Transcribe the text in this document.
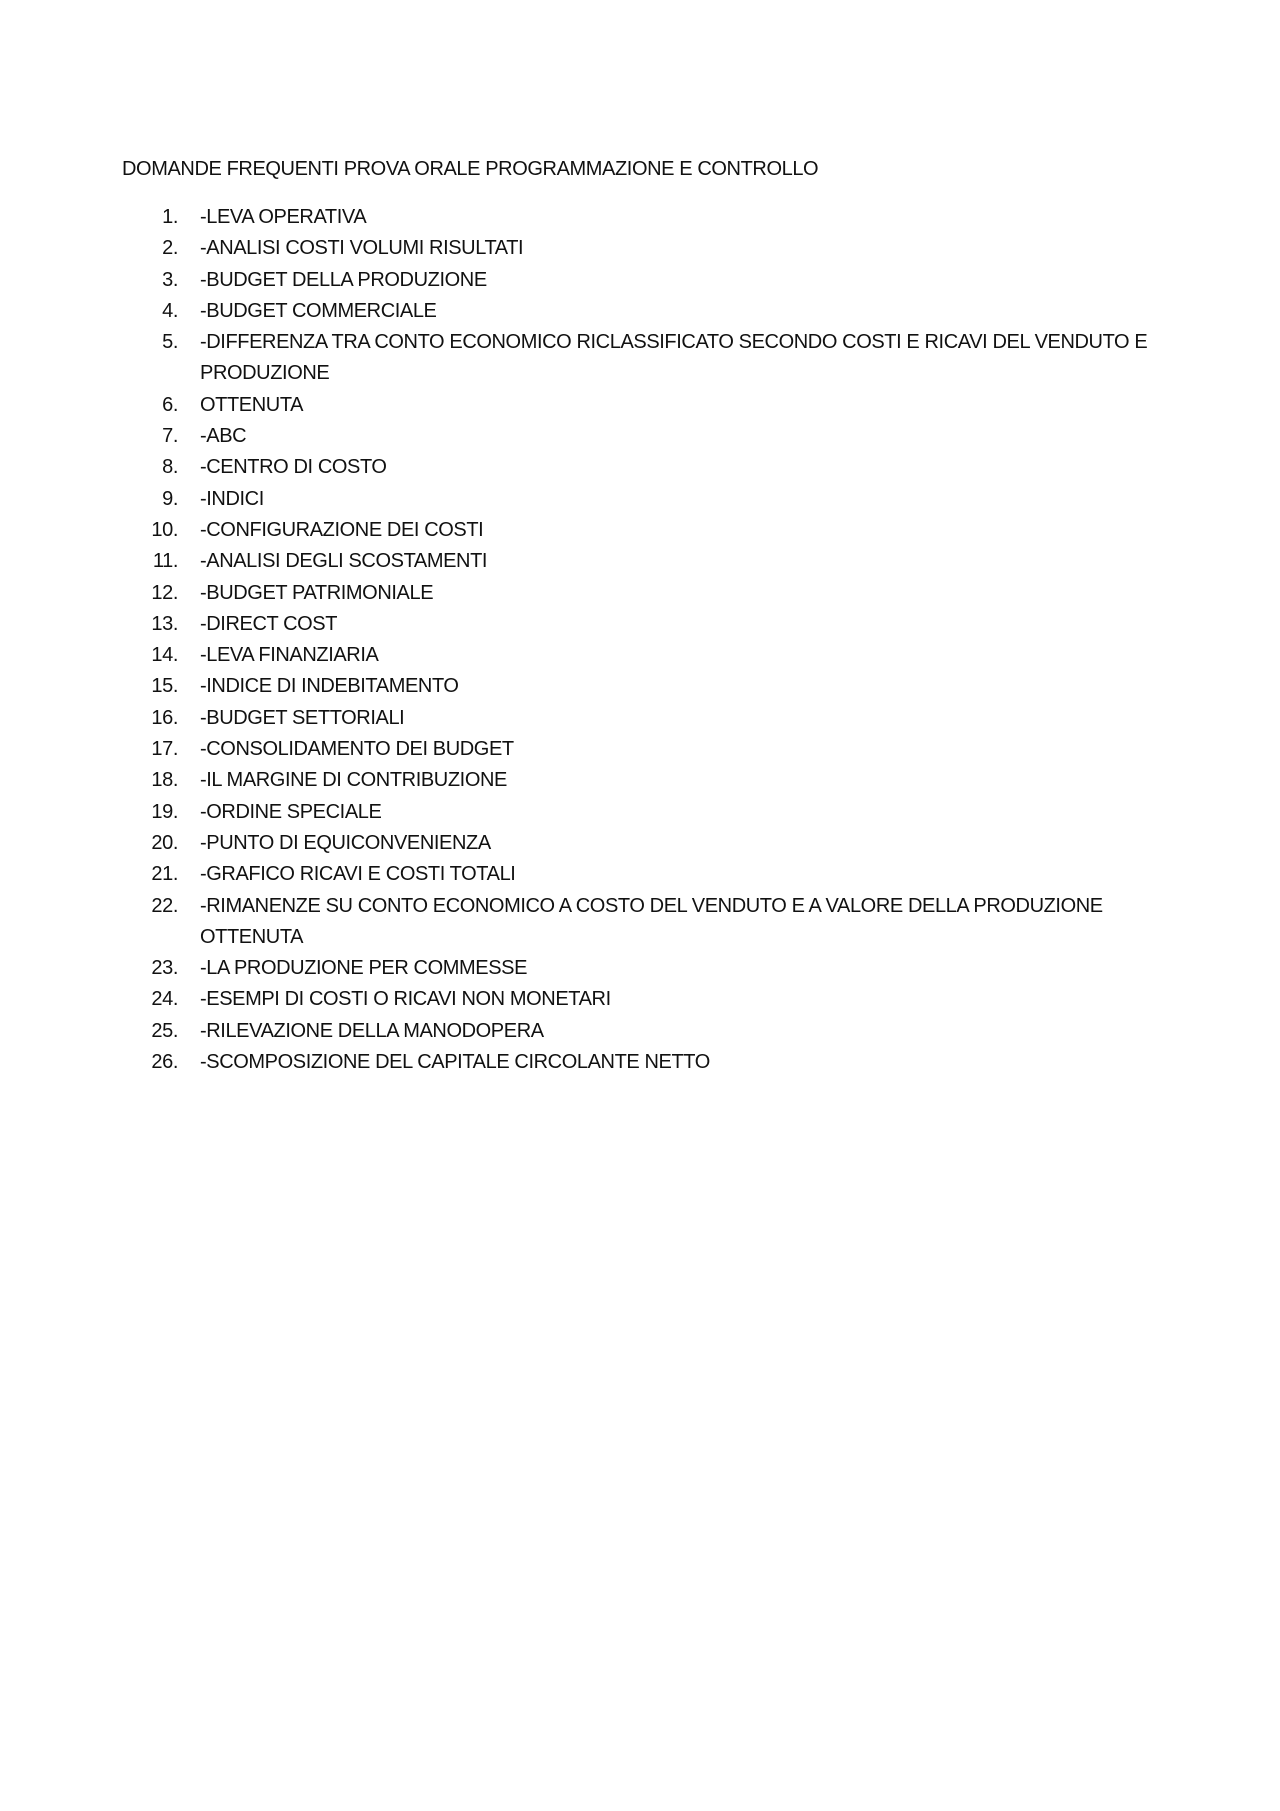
DOMANDE FREQUENTI PROVA ORALE PROGRAMMAZIONE E CONTROLLO
1.	-LEVA OPERATIVA
2.	-ANALISI COSTI VOLUMI RISULTATI
3.	-BUDGET DELLA PRODUZIONE
4.	-BUDGET COMMERCIALE
5.	-DIFFERENZA TRA CONTO ECONOMICO RICLASSIFICATO SECONDO COSTI E RICAVI DEL VENDUTO E PRODUZIONE
6.	OTTENUTA
7.	-ABC
8.	-CENTRO DI COSTO
9.	-INDICI
10.	-CONFIGURAZIONE DEI COSTI
11.	-ANALISI DEGLI SCOSTAMENTI
12.	-BUDGET PATRIMONIALE
13.	-DIRECT COST
14.	-LEVA FINANZIARIA
15.	-INDICE DI INDEBITAMENTO
16.	-BUDGET SETTORIALI
17.	-CONSOLIDAMENTO DEI BUDGET
18.	-IL MARGINE DI CONTRIBUZIONE
19.	-ORDINE SPECIALE
20.	-PUNTO DI EQUICONVENIENZA
21.	-GRAFICO RICAVI E COSTI TOTALI
22.	-RIMANENZE SU CONTO ECONOMICO A COSTO DEL VENDUTO E A VALORE DELLA PRODUZIONE OTTENUTA
23.	-LA PRODUZIONE PER COMMESSE
24.	-ESEMPI DI COSTI O RICAVI NON MONETARI
25.	-RILEVAZIONE DELLA MANODOPERA
26.	-SCOMPOSIZIONE DEL CAPITALE CIRCOLANTE NETTO
